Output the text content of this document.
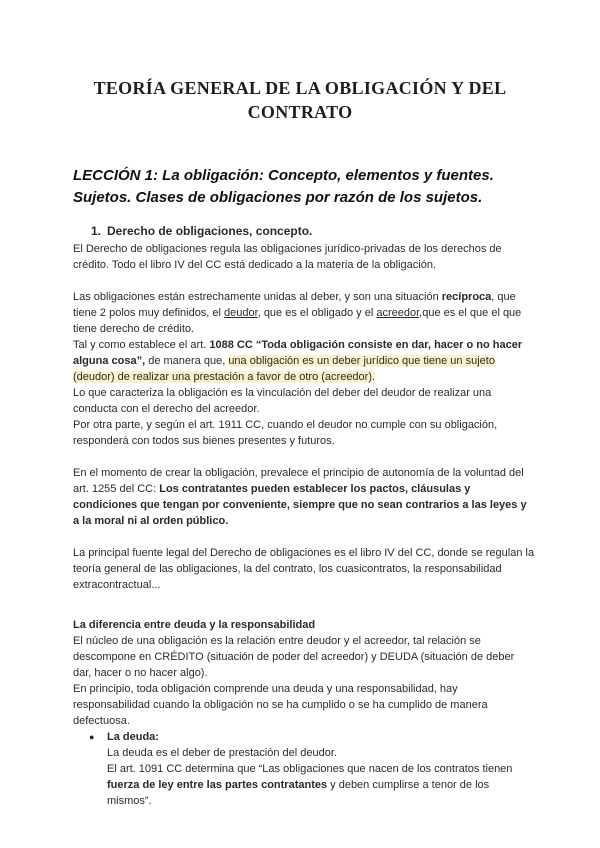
TEORÍA GENERAL DE LA OBLIGACIÓN Y DEL
CONTRATO
LECCIÓN 1: La obligación: Concepto, elementos y fuentes. Sujetos. Clases de obligaciones por razón de los sujetos.

1. Derecho de obligaciones, concepto.

El Derecho de obligaciones regula las obligaciones jurídico-privadas de los derechos de crédito. Todo el libro IV del CC está dedicado a la materia de la obligación.

Las obligaciones están estrechamente unidas al deber, y son una situación recíproca, que tiene 2 polos muy definidos, el deudor, que es el obligado y el acreedor,que es el que el que tiene derecho de crédito.

Tal y como establece el art. 1088 CC “Toda obligación consiste en dar, hacer o no hacer alguna cosa”, de manera que, una obligación es un deber jurídico que tiene un sujeto (deudor) de realizar una prestación a favor de otro (acreedor).

Lo que caracteriza la obligación es la vinculación del deber del deudor de realizar una conducta con el derecho del acreedor.

Por otra parte, y según el art. 1911 CC, cuando el deudor no cumple con su obligación, responderá con todos sus bienes presentes y futuros.

En el momento de crear la obligación, prevalece el principio de autonomía de la voluntad del art. 1255 del CC: Los contratantes pueden establecer los pactos, cláusulas y condiciones que tengan por conveniente, siempre que no sean contrarios a las leyes y a la moral ni al orden público.

La principal fuente legal del Derecho de obligaciones es el libro IV del CC, donde se regulan la teoría general de las obligaciones, la del contrato, los cuasicontratos, la responsabilidad extracontractual...

La diferencia entre deuda y la responsabilidad

El núcleo de una obligación es la relación entre deudor y el acreedor, tal relación se descompone en CRÉDITO (situación de poder del acreedor) y DEUDA (situación de deber dar, hacer o no hacer algo).

En principio, toda obligación comprende una deuda y una responsabilidad, hay responsabilidad cuando la obligación no se ha cumplido o se ha cumplido de manera defectuosa.

● La deuda:

La deuda es el deber de prestación del deudor.

El art. 1091 CC determina que “Las obligaciones que nacen de los contratos tienen fuerza de ley entre las partes contratantes y deben cumplirse a tenor de los mismos”.
